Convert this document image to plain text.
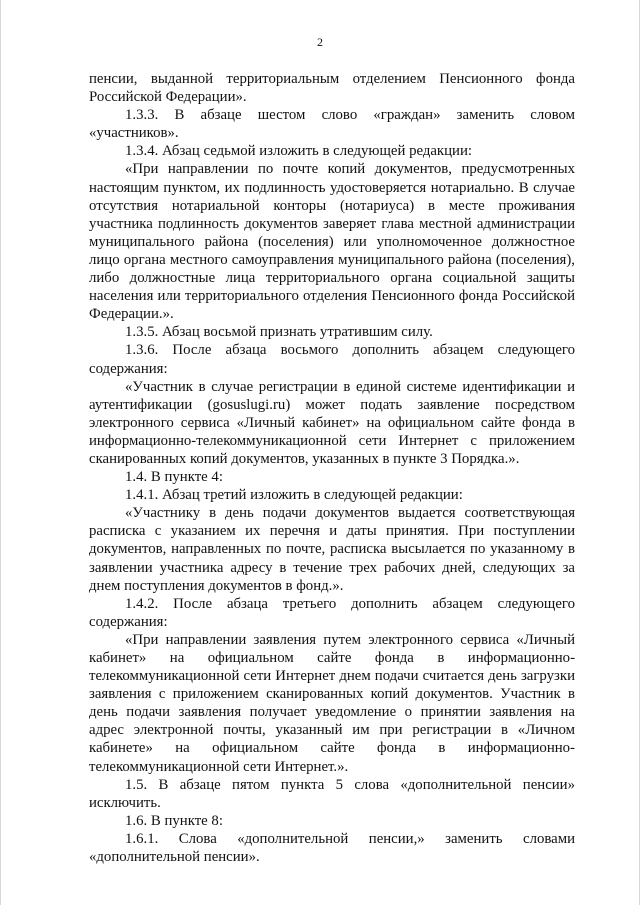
2

пенсии, выданной территориальным отделением Пенсионного фонда Российской Федерации».

1.3.3. В абзаце шестом слово «граждан» заменить словом «участников».

1.3.4. Абзац седьмой изложить в следующей редакции:

«При направлении по почте копий документов, предусмотренных настоящим пунктом, их подлинность удостоверяется нотариально. В случае отсутствия нотариальной конторы (нотариуса) в месте проживания участника подлинность документов заверяет глава местной администрации муниципального района (поселения) или уполномоченное должностное лицо органа местного самоуправления муниципального района (поселения), либо должностные лица территориального органа социальной защиты населения или территориального отделения Пенсионного фонда Российской Федерации.».

1.3.5. Абзац восьмой признать утратившим силу.

1.3.6. После абзаца восьмого дополнить абзацем следующего содержания:

«Участник в случае регистрации в единой системе идентификации и аутентификации (gosuslugi.ru) может подать заявление посредством электронного сервиса «Личный кабинет» на официальном сайте фонда в информационно-телекоммуникационной сети Интернет с приложением сканированных копий документов, указанных в пункте 3 Порядка.».

1.4. В пункте 4:

1.4.1. Абзац третий изложить в следующей редакции:

«Участнику в день подачи документов выдается соответствующая расписка с указанием их перечня и даты принятия. При поступлении документов, направленных по почте, расписка высылается по указанному в заявлении участника адресу в течение трех рабочих дней, следующих за днем поступления документов в фонд.».

1.4.2. После абзаца третьего дополнить абзацем следующего содержания:

«При направлении заявления путем электронного сервиса «Личный кабинет» на официальном сайте фонда в информационно-телекоммуникационной сети Интернет днем подачи считается день загрузки заявления с приложением сканированных копий документов. Участник в день подачи заявления получает уведомление о принятии заявления на адрес электронной почты, указанный им при регистрации в «Личном кабинете» на официальном сайте фонда в информационно-телекоммуникационной сети Интернет.».

1.5. В абзаце пятом пункта 5 слова «дополнительной пенсии» исключить.

1.6. В пункте 8:

1.6.1. Слова «дополнительной пенсии,» заменить словами «дополнительной пенсии».
